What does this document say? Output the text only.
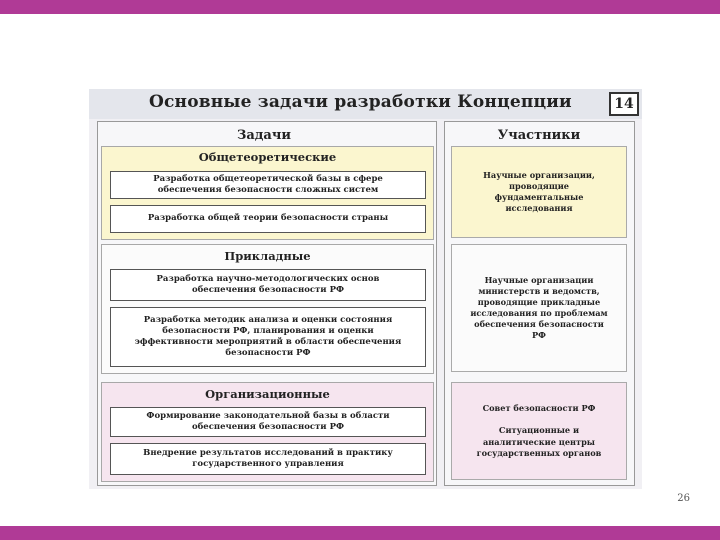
Основные задачи разработки Концепции	14
Задачи	Участники
Общетеоретические
Разработка общетеоретической базы в сфере
обеспечения безопасности сложных систем
Разработка общей теории безопасности страны
Научные организации,
проводящие
фундаментальные
исследования
Прикладные
Разработка научно-методологических основ
обеспечения безопасности РФ
Разработка методик анализа и оценки состояния
безопасности РФ, планирования и оценки
эффективности мероприятий в области обеспечения
безопасности РФ
Научные организации
министерств и ведомств,
проводящие прикладные
исследования по проблемам
обеспечения безопасности
РФ
Организационные
Формирование законодательной базы в области
обеспечения безопасности РФ
Внедрение результатов исследований в практику
государственного управления
Совет безопасности РФ

Ситуационные и
аналитические центры
государственных органов
26
